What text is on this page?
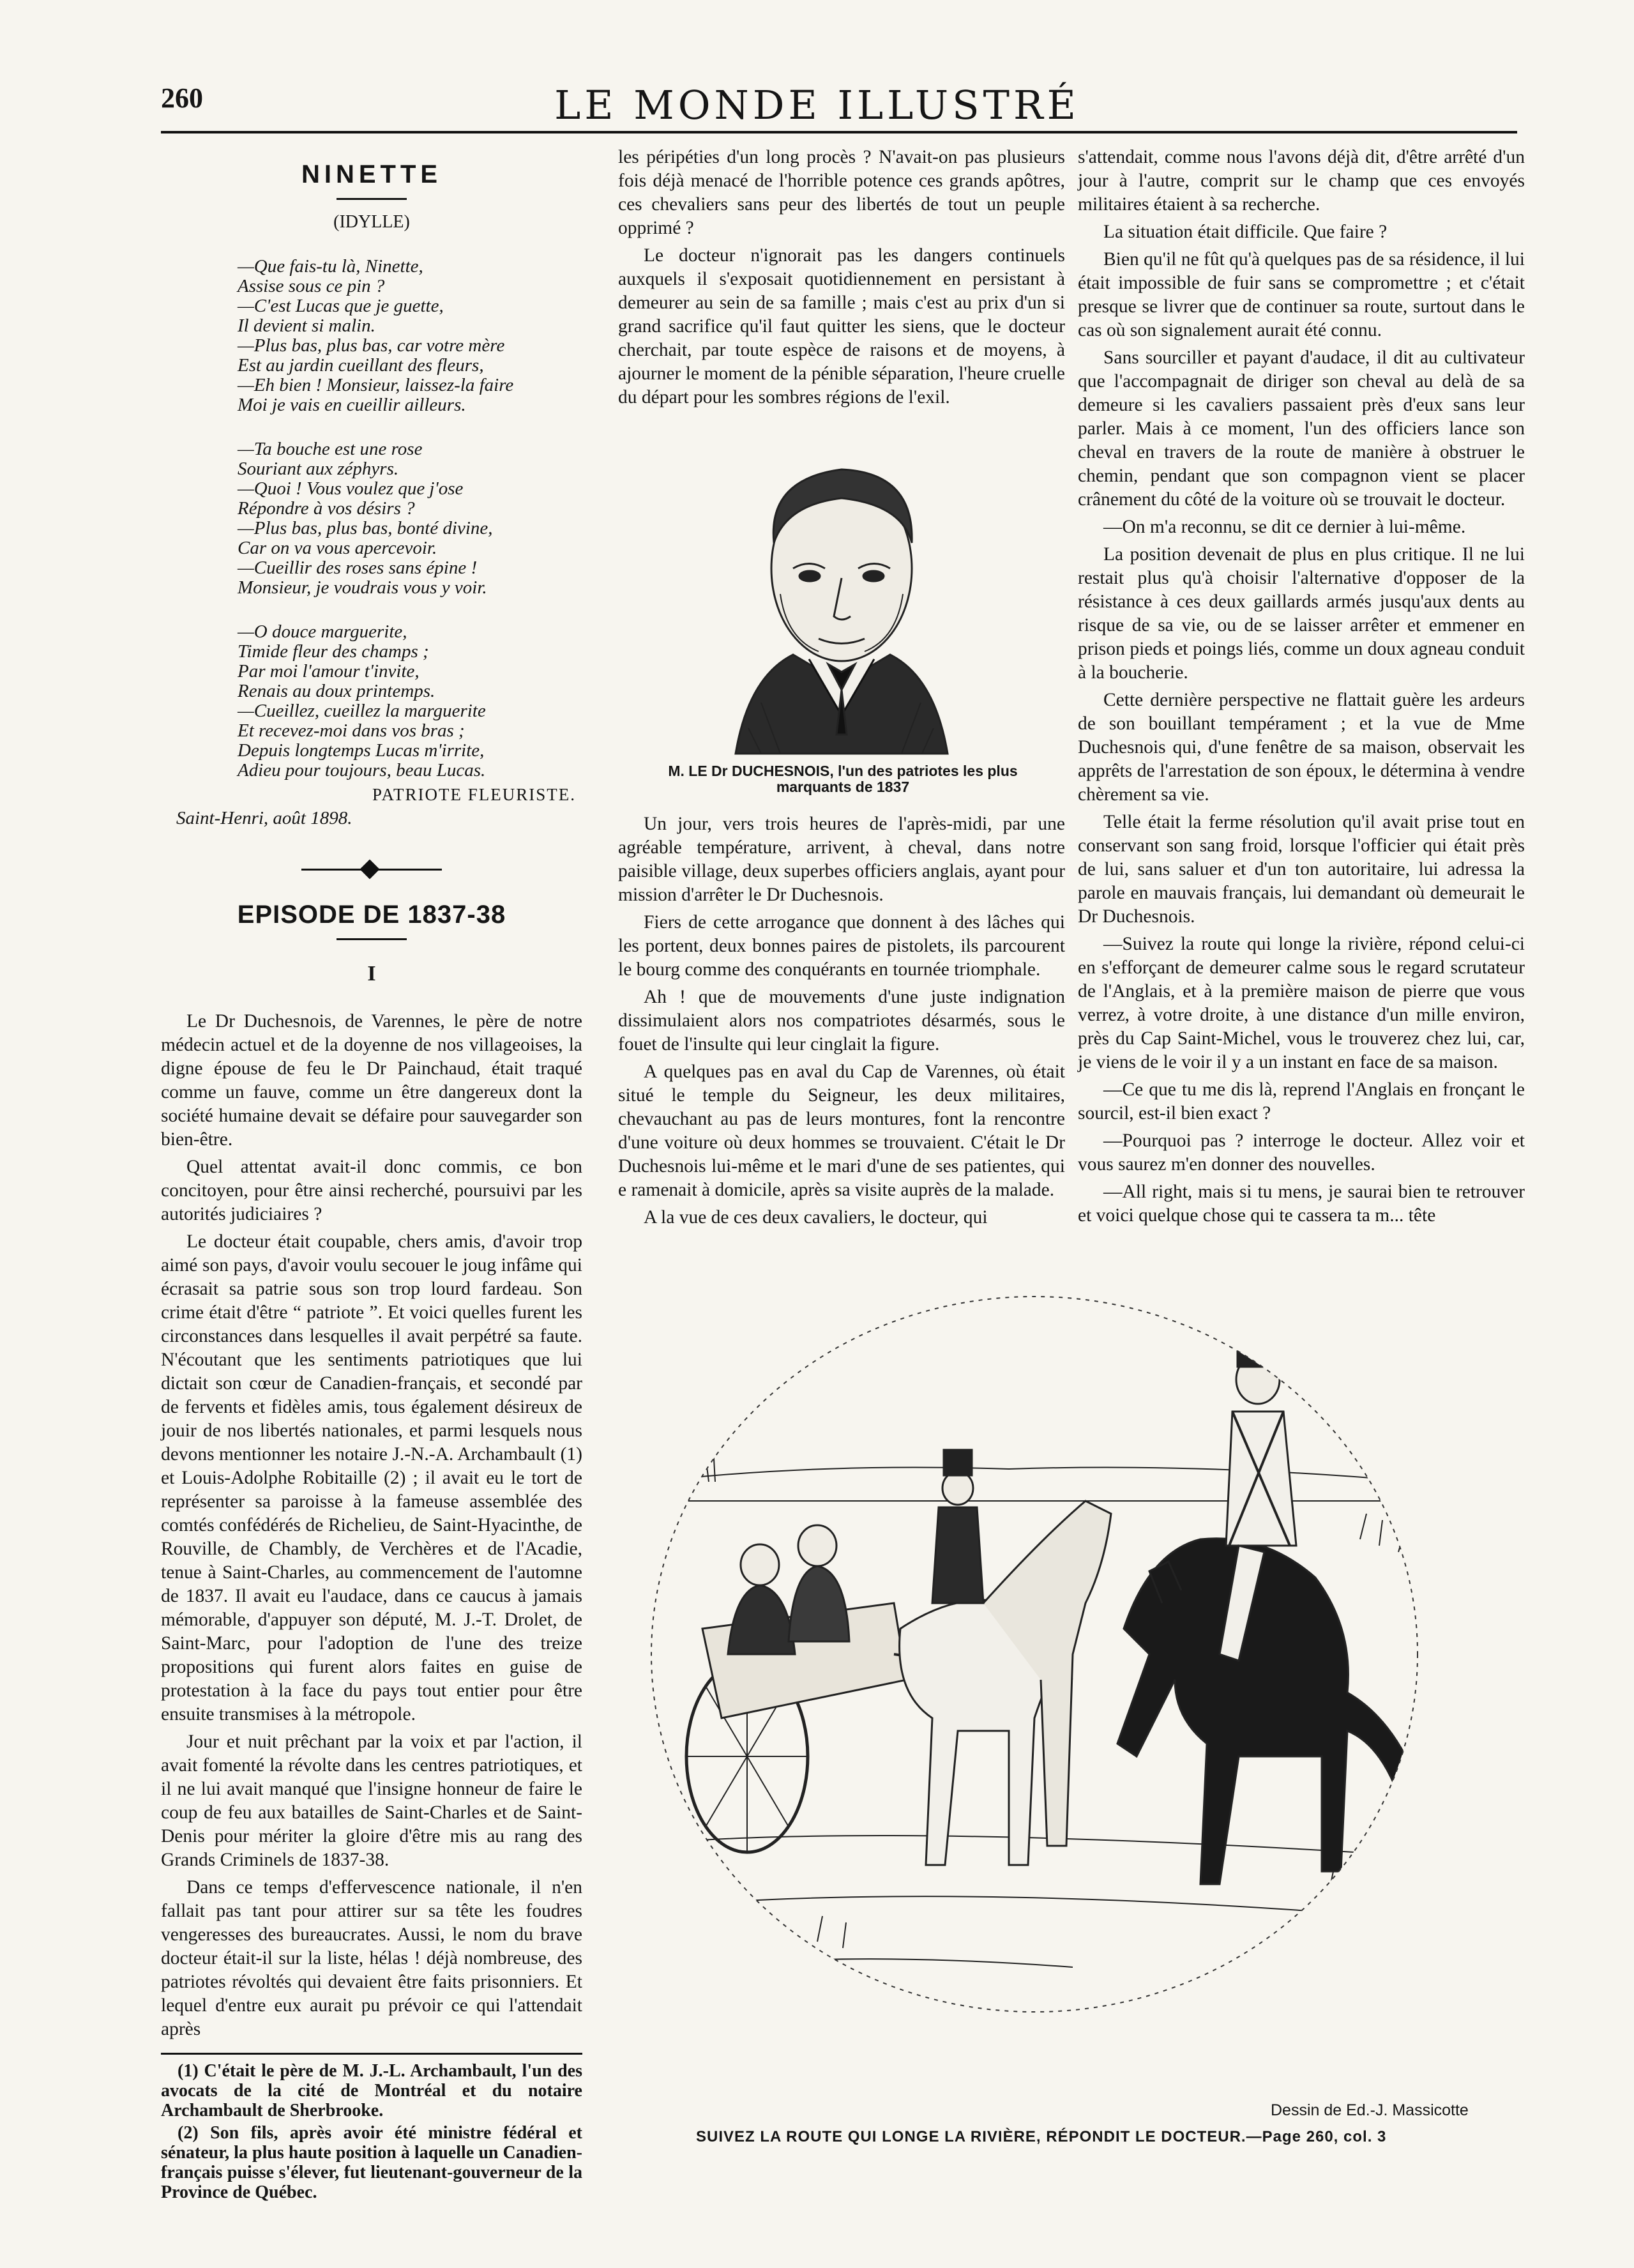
260	LE MONDE ILLUSTRÉ
NINETTE
(IDYLLE)
—Que fais-tu là, Ninette,
Assise sous ce pin ?
—C'est Lucas que je guette,
Il devient si malin.
—Plus bas, plus bas, car votre mère
Est au jardin cueillant des fleurs,
—Eh bien ! Monsieur, laissez-la faire
Moi je vais en cueillir ailleurs.
—Ta bouche est une rose
Souriant aux zéphyrs.
—Quoi ! Vous voulez que j'ose
Répondre à vos désirs ?
—Plus bas, plus bas, bonté divine,
Car on va vous apercevoir.
—Cueillir des roses sans épine !
Monsieur, je voudrais vous y voir.
—O douce marguerite,
Timide fleur des champs ;
Par moi l'amour t'invite,
Renais au doux printemps.
—Cueillez, cueillez la marguerite
Et recevez-moi dans vos bras ;
Depuis longtemps Lucas m'irrite,
Adieu pour toujours, beau Lucas.
PATRIOTE FLEURISTE.
Saint-Henri, août 1898.
EPISODE DE 1837-38
I

Le Dr Duchesnois, de Varennes, le père de notre médecin actuel et de la doyenne de nos villageoises, la digne épouse de feu le Dr Painchaud, était traqué comme un fauve, comme un être dangereux dont la société humaine devait se défaire pour sauvegarder son bien-être.

Quel attentat avait-il donc commis, ce bon concitoyen, pour être ainsi recherché, poursuivi par les autorités judiciaires ?

Le docteur était coupable, chers amis, d'avoir trop aimé son pays, d'avoir voulu secouer le joug infâme qui écrasait sa patrie sous son trop lourd fardeau. Son crime était d'être “ patriote ”. Et voici quelles furent les circonstances dans lesquelles il avait perpétré sa faute. N'écoutant que les sentiments patriotiques que lui dictait son cœur de Canadien-français, et secondé par de fervents et fidèles amis, tous également désireux de jouir de nos libertés nationales, et parmi lesquels nous devons mentionner les notaire J.-N.-A. Archambault (1) et Louis-Adolphe Robitaille (2) ; il avait eu le tort de représenter sa paroisse à la fameuse assemblée des comtés confédérés de Richelieu, de Saint-Hyacinthe, de Rouville, de Chambly, de Verchères et de l'Acadie, tenue à Saint-Charles, au commencement de l'automne de 1837. Il avait eu l'audace, dans ce caucus à jamais mémorable, d'appuyer son député, M. J.-T. Drolet, de Saint-Marc, pour l'adoption de l'une des treize propositions qui furent alors faites en guise de protestation à la face du pays tout entier pour être ensuite transmises à la métropole.

Jour et nuit prêchant par la voix et par l'action, il avait fomenté la révolte dans les centres patriotiques, et il ne lui avait manqué que l'insigne honneur de faire le coup de feu aux batailles de Saint-Charles et de Saint-Denis pour mériter la gloire d'être mis au rang des Grands Criminels de 1837-38.

Dans ce temps d'effervescence nationale, il n'en fallait pas tant pour attirer sur sa tête les foudres vengeresses des bureaucrates. Aussi, le nom du brave docteur était-il sur la liste, hélas ! déjà nombreuse, des patriotes révoltés qui devaient être faits prisonniers. Et lequel d'entre eux aurait pu prévoir ce qui l'attendait après

(1) C'était le père de M. J.-L. Archambault, l'un des avocats de la cité de Montréal et du notaire Archambault de Sherbrooke.

(2) Son fils, après avoir été ministre fédéral et sénateur, la plus haute position à laquelle un Canadien-français puisse s'élever, fut lieutenant-gouverneur de la Province de Québec.

les péripéties d'un long procès ? N'avait-on pas plusieurs fois déjà menacé de l'horrible potence ces grands apôtres, ces chevaliers sans peur des libertés de tout un peuple opprimé ?

Le docteur n'ignorait pas les dangers continuels auxquels il s'exposait quotidiennement en persistant à demeurer au sein de sa famille ; mais c'est au prix d'un si grand sacrifice qu'il faut quitter les siens, que le docteur cherchait, par toute espèce de raisons et de moyens, à ajourner le moment de la pénible séparation, l'heure cruelle du départ pour les sombres régions de l'exil.

M. LE Dr DUCHESNOIS, l'un des patriotes les plus marquants de 1837

Un jour, vers trois heures de l'après-midi, par une agréable température, arrivent, à cheval, dans notre paisible village, deux superbes officiers anglais, ayant pour mission d'arrêter le Dr Duchesnois.

Fiers de cette arrogance que donnent à des lâches qui les portent, deux bonnes paires de pistolets, ils parcourent le bourg comme des conquérants en tournée triomphale.

Ah ! que de mouvements d'une juste indignation dissimulaient alors nos compatriotes désarmés, sous le fouet de l'insulte qui leur cinglait la figure.

A quelques pas en aval du Cap de Varennes, où était situé le temple du Seigneur, les deux militaires, chevauchant au pas de leurs montures, font la rencontre d'une voiture où deux hommes se trouvaient. C'était le Dr Duchesnois lui-même et le mari d'une de ses patientes, qui e ramenait à domicile, après sa visite auprès de la malade.

A la vue de ces deux cavaliers, le docteur, qui

s'attendait, comme nous l'avons déjà dit, d'être arrêté d'un jour à l'autre, comprit sur le champ que ces envoyés militaires étaient à sa recherche.

La situation était difficile. Que faire ?

Bien qu'il ne fût qu'à quelques pas de sa résidence, il lui était impossible de fuir sans se compromettre ; et c'était presque se livrer que de continuer sa route, surtout dans le cas où son signalement aurait été connu.

Sans sourciller et payant d'audace, il dit au cultivateur que l'accompagnait de diriger son cheval au delà de sa demeure si les cavaliers passaient près d'eux sans leur parler. Mais à ce moment, l'un des officiers lance son cheval en travers de la route de manière à obstruer le chemin, pendant que son compagnon vient se placer crânement du côté de la voiture où se trouvait le docteur.

—On m'a reconnu, se dit ce dernier à lui-même.

La position devenait de plus en plus critique. Il ne lui restait plus qu'à choisir l'alternative d'opposer de la résistance à ces deux gaillards armés jusqu'aux dents au risque de sa vie, ou de se laisser arrêter et emmener en prison pieds et poings liés, comme un doux agneau conduit à la boucherie.

Cette dernière perspective ne flattait guère les ardeurs de son bouillant tempérament ; et la vue de Mme Duchesnois qui, d'une fenêtre de sa maison, observait les apprêts de l'arrestation de son époux, le détermina à vendre chèrement sa vie.

Telle était la ferme résolution qu'il avait prise tout en conservant son sang froid, lorsque l'officier qui était près de lui, sans saluer et d'un ton autoritaire, lui adressa la parole en mauvais français, lui demandant où demeurait le Dr Duchesnois.

—Suivez la route qui longe la rivière, répond celui-ci en s'efforçant de demeurer calme sous le regard scrutateur de l'Anglais, et à la première maison de pierre que vous verrez, à votre droite, à une distance d'un mille environ, près du Cap Saint-Michel, vous le trouverez chez lui, car, je viens de le voir il y a un instant en face de sa maison.

—Ce que tu me dis là, reprend l'Anglais en fronçant le sourcil, est-il bien exact ?

—Pourquoi pas ? interroge le docteur. Allez voir et vous saurez m'en donner des nouvelles.

—All right, mais si tu mens, je saurai bien te retrouver et voici quelque chose qui te cassera ta m... tête

Dessin de Ed.-J. Massicotte
SUIVEZ LA ROUTE QUI LONGE LA RIVIÈRE, RÉPONDIT LE DOCTEUR.—Page 260, col. 3
